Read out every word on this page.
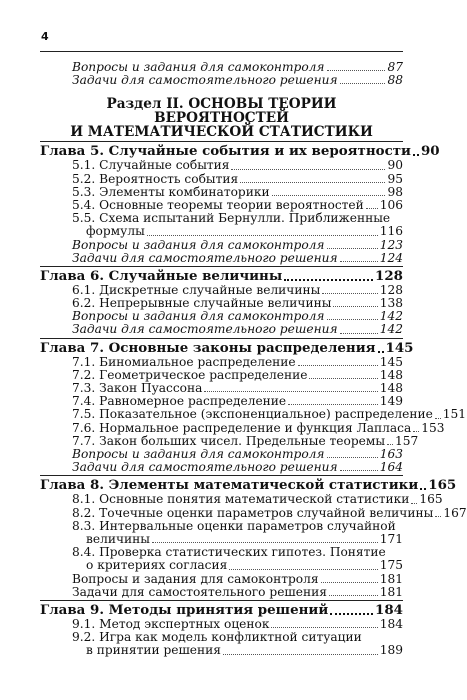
4
Вопросы и задания для самоконтроля	87
Задачи для самостоятельного решения	88
Раздел II. ОСНОВЫ ТЕОРИИ ВЕРОЯТНОСТЕЙ
И МАТЕМАТИЧЕСКОЙ СТАТИСТИКИ
Глава 5. Случайные события и их вероятности 90
5.1. Случайные события	90
5.2. Вероятность события	95
5.3. Элементы комбинаторики	98
5.4. Основные теоремы теории вероятностей 106
5.5. Схема испытаний Бернулли. Приближенные
формулы	116
Вопросы и задания для самоконтроля	123
Задачи для самостоятельного решения	124
Глава 6. Случайные величины	128
6.1. Дискретные случайные величины	128
6.2. Непрерывные случайные величины	138
Вопросы и задания для самоконтроля	142
Задачи для самостоятельного решения	142
Глава 7. Основные законы распределения 145
7.1. Биномиальное распределение	145
7.2. Геометрическое распределение	148
7.3. Закон Пуассона	148
7.4. Равномерное распределение	149
7.5. Показательное (экспоненциальное) распределение 151
7.6. Нормальное распределение и функция Лапласа 153
7.7. Закон больших чисел. Предельные теоремы 157
Вопросы и задания для самоконтроля	163
Задачи для самостоятельного решения	164
Глава 8. Элементы математической статистики 165
8.1. Основные понятия математической статистики 165
8.2. Точечные оценки параметров случайной величины 167
8.3. Интервальные оценки параметров случайной
величины	171
8.4. Проверка статистических гипотез. Понятие
о критериях согласия	175
Вопросы и задания для самоконтроля	181
Задачи для самостоятельного решения	181
Глава 9. Методы принятия решений	184
9.1. Метод экспертных оценок	184
9.2. Игра как модель конфликтной ситуации
в принятии решения	189
